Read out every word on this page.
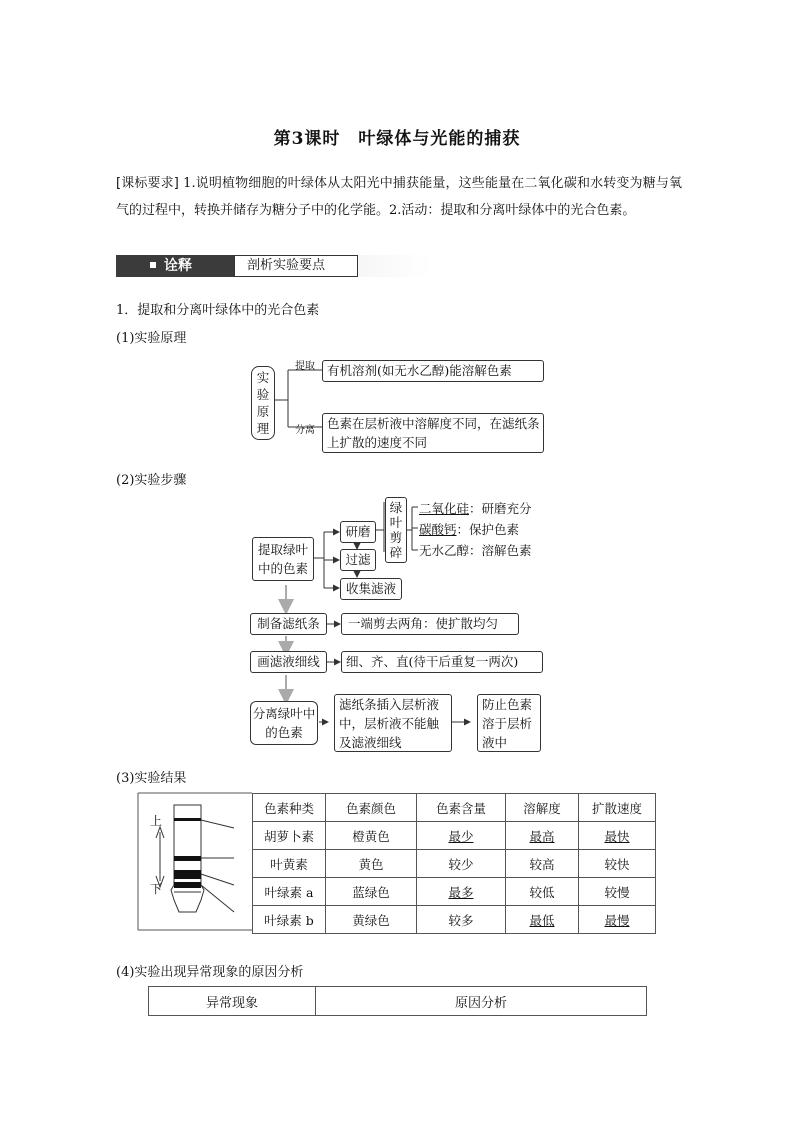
第3课时　叶绿体与光能的捕获
[课标要求] 1.说明植物细胞的叶绿体从太阳光中捕获能量，这些能量在二氧化碳和水转变为糖与氧气的过程中，转换并储存为糖分子中的化学能。2.活动：提取和分离叶绿体中的光合色素。
诠释	剖析实验要点
1．提取和分离叶绿体中的光合色素
(1)实验原理
实验原理
提取
分离
有机溶剂(如无水乙醇)能溶解色素
色素在层析液中溶解度不同，在滤纸条上扩散的速度不同
(2)实验步骤
提取绿叶中的色素
研磨
过滤
收集滤液
绿叶剪碎
二氧化硅：研磨充分
碳酸钙：保护色素
无水乙醇：溶解色素
制备滤纸条	一端剪去两角：使扩散均匀
画滤液细线	细、齐、直(待干后重复一两次)
分离绿叶中的色素
滤纸条插入层析液中，层析液不能触及滤液细线
防止色素溶于层析液中
(3)实验结果
上
下
色素种类	色素颜色	色素含量	溶解度	扩散速度
胡萝卜素	橙黄色	最少	最高	最快
叶黄素	黄色	较少	较高	较快
叶绿素 a	蓝绿色	最多	较低	较慢
叶绿素 b	黄绿色	较多	最低	最慢
(4)实验出现异常现象的原因分析
异常现象	原因分析
